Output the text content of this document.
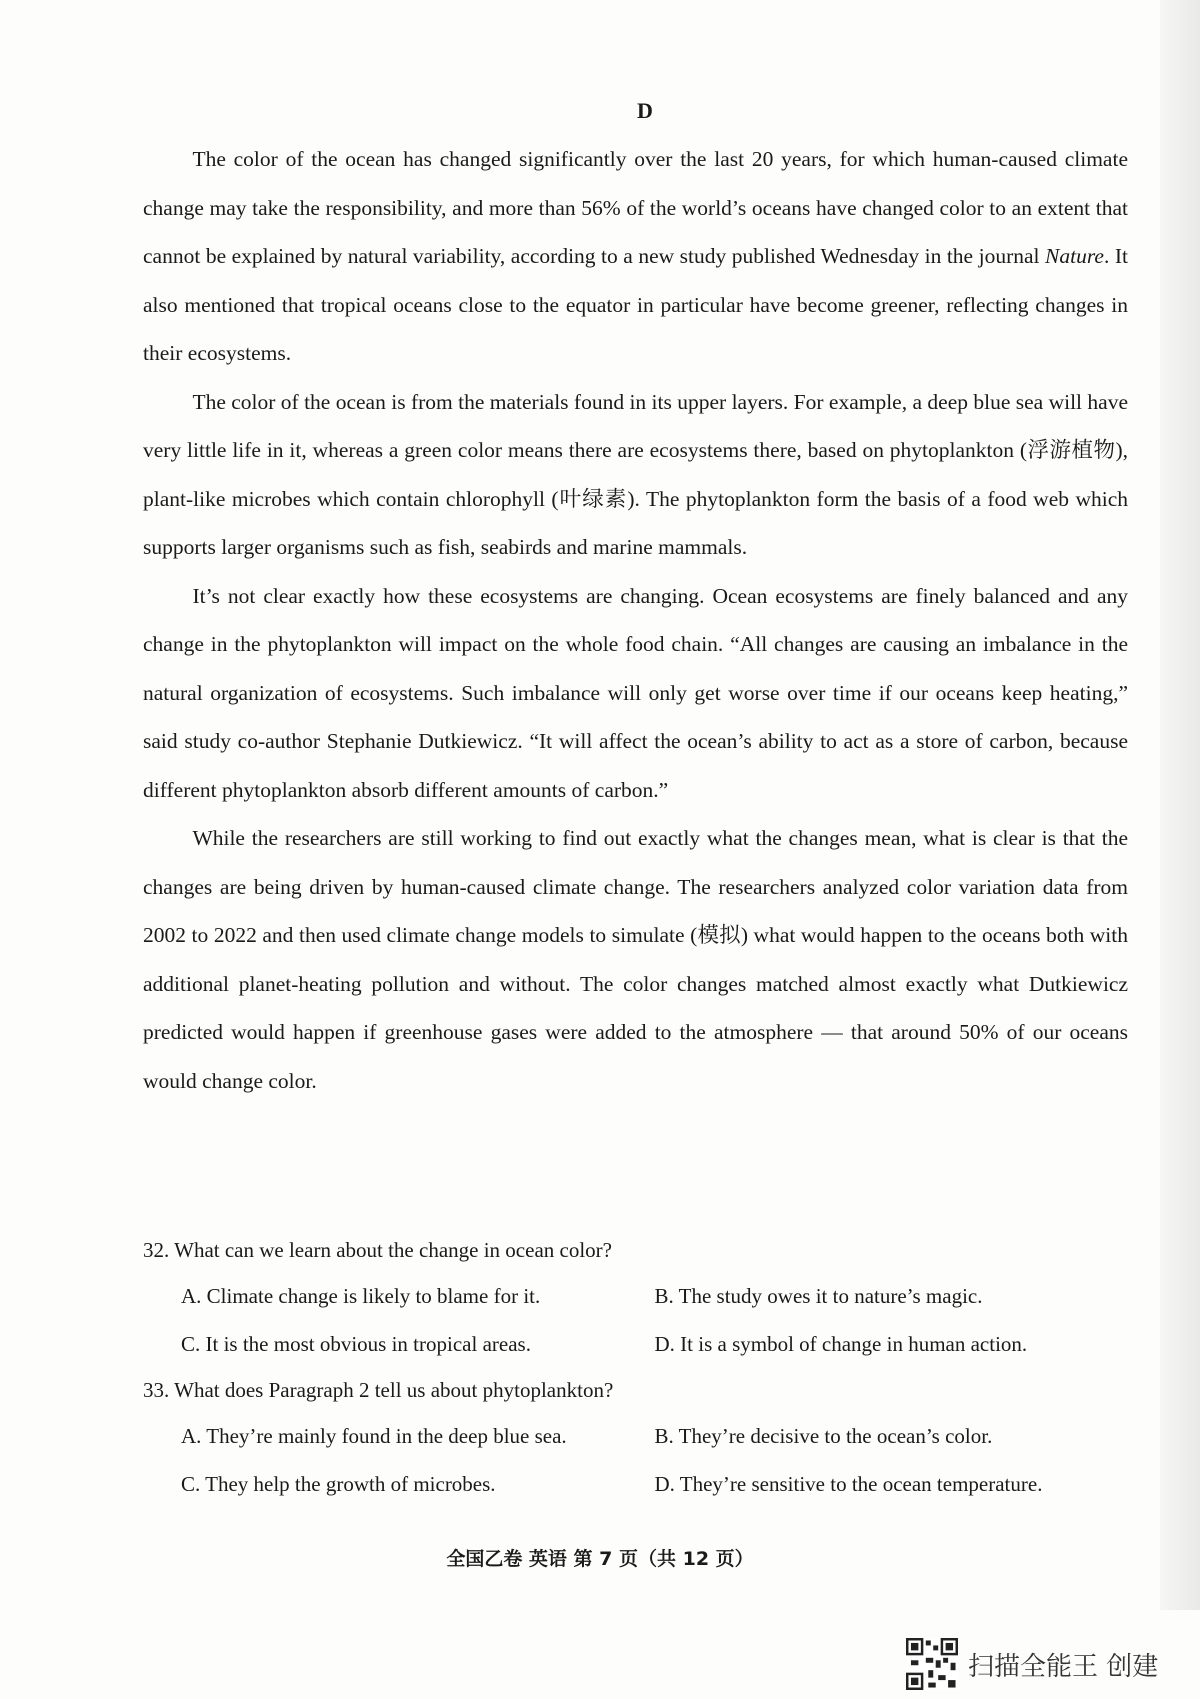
D

The color of the ocean has changed significantly over the last 20 years, for which human-caused climate change may take the responsibility, and more than 56% of the world’s oceans have changed color to an extent that cannot be explained by natural variability, according to a new study published Wednesday in the journal Nature. It also mentioned that tropical oceans close to the equator in particular have become greener, reflecting changes in their ecosystems.

The color of the ocean is from the materials found in its upper layers. For example, a deep blue sea will have very little life in it, whereas a green color means there are ecosystems there, based on phytoplankton (浮游植物), plant-like microbes which contain chlorophyll (叶绿素). The phytoplankton form the basis of a food web which supports larger organisms such as fish, seabirds and marine mammals.

It’s not clear exactly how these ecosystems are changing. Ocean ecosystems are finely balanced and any change in the phytoplankton will impact on the whole food chain. “All changes are causing an imbalance in the natural organization of ecosystems. Such imbalance will only get worse over time if our oceans keep heating,” said study co-author Stephanie Dutkiewicz. “It will affect the ocean’s ability to act as a store of carbon, because different phytoplankton absorb different amounts of carbon.”

While the researchers are still working to find out exactly what the changes mean, what is clear is that the changes are being driven by human-caused climate change. The researchers analyzed color variation data from 2002 to 2022 and then used climate change models to simulate (模拟) what would happen to the oceans both with additional planet-heating pollution and without. The color changes matched almost exactly what Dutkiewicz predicted would happen if greenhouse gases were added to the atmosphere — that around 50% of our oceans would change color.

32. What can we learn about the change in ocean color?
A. Climate change is likely to blame for it.	B. The study owes it to nature’s magic.
C. It is the most obvious in tropical areas.	D. It is a symbol of change in human action.
33. What does Paragraph 2 tell us about phytoplankton?
A. They’re mainly found in the deep blue sea.	B. They’re decisive to the ocean’s color.
C. They help the growth of microbes.	D. They’re sensitive to the ocean temperature.
全国乙卷 英语 第 7 页（共 12 页）
扫描全能王 创建
